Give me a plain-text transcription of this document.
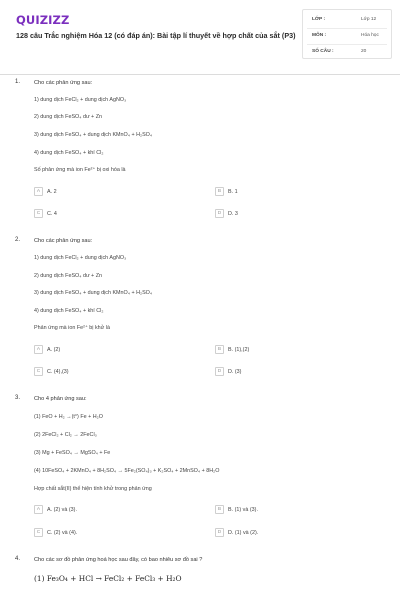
QUIZIZZ
128 câu Trắc nghiệm Hóa 12 (có đáp án): Bài tập lí thuyết về hợp chất của sắt (P3)
LỚP :	Lớp 12
MÔN :	Hóa học
SỐ CÂU :	20
1. Cho các phản ứng sau:
1) dung dịch FeCl₂ + dung dịch AgNO₃
2) dung dịch FeSO₄ dư + Zn
3) dung dịch FeSO₄ + dung dịch KMnO₄ + H₂SO₄
4) dung dịch FeSO₄ + khí Cl₂
Số phản ứng mà ion Fe²⁺ bị oxi hóa là
A	A. 2	B	B. 1
C	C. 4	D	D. 3
2. Cho các phản ứng sau:
1) dung dịch FeCl₂ + dung dịch AgNO₃
2) dung dịch FeSO₄ dư + Zn
3) dung dịch FeSO₄ + dung dịch KMnO₄ + H₂SO₄
4) dung dịch FeSO₄ + khí Cl₂
Phản ứng mà ion Fe²⁺ bị khử là
A	A. (2)	B	B. (1),(2)
C	C. (4),(3)	D	D. (3)
3. Cho 4 phản ứng sau:
(1) FeO + H₂ →(t°) Fe + H₂O
(2) 2FeCl₂ + Cl₂ → 2FeCl₃
(3) Mg + FeSO₄ → MgSO₄ + Fe
(4) 10FeSO₄ + 2KMnO₄ + 8H₂SO₄ → 5Fe₂(SO₄)₃ + K₂SO₄ + 2MnSO₄ + 8H₂O
Hợp chất sắt(II) thể hiện tính khử trong phản ứng
A	A. (2) và (3).	B	B. (1) và (3).
C	C. (2) và (4).	D	D. (1) và (2).
4. Cho các sơ đồ phản ứng hoá học sau đây, có bao nhiêu sơ đồ sai ?
(1) Fe₃O₄ + HCl → FeCl₂ + FeCl₃ + H₂O
